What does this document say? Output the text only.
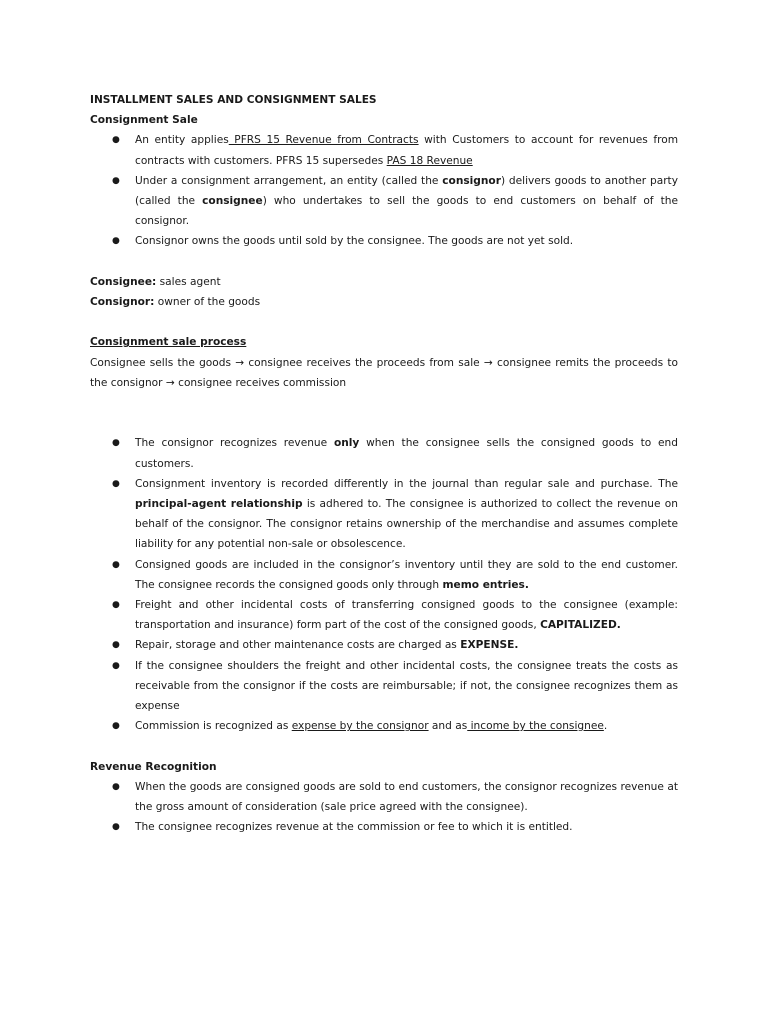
INSTALLMENT SALES AND CONSIGNMENT SALES
Consignment Sale
● An entity applies PFRS 15 Revenue from Contracts with Customers to account for revenues from contracts with customers. PFRS 15 supersedes PAS 18 Revenue
● Under a consignment arrangement, an entity (called the consignor) delivers goods to another party (called the consignee) who undertakes to sell the goods to end customers on behalf of the consignor.
● Consignor owns the goods until sold by the consignee. The goods are not yet sold.
Consignee: sales agent
Consignor: owner of the goods
Consignment sale process
Consignee sells the goods → consignee receives the proceeds from sale → consignee remits the proceeds to the consignor → consignee receives commission
● The consignor recognizes revenue only when the consignee sells the consigned goods to end customers.
● Consignment inventory is recorded differently in the journal than regular sale and purchase. The principal-agent relationship is adhered to. The consignee is authorized to collect the revenue on behalf of the consignor. The consignor retains ownership of the merchandise and assumes complete liability for any potential non-sale or obsolescence.
● Consigned goods are included in the consignor’s inventory until they are sold to the end customer. The consignee records the consigned goods only through memo entries.
● Freight and other incidental costs of transferring consigned goods to the consignee (example: transportation and insurance) form part of the cost of the consigned goods, CAPITALIZED.
● Repair, storage and other maintenance costs are charged as EXPENSE.
● If the consignee shoulders the freight and other incidental costs, the consignee treats the costs as receivable from the consignor if the costs are reimbursable; if not, the consignee recognizes them as expense
● Commission is recognized as expense by the consignor and as income by the consignee.
Revenue Recognition
● When the goods are consigned goods are sold to end customers, the consignor recognizes revenue at the gross amount of consideration (sale price agreed with the consignee).
● The consignee recognizes revenue at the commission or fee to which it is entitled.
